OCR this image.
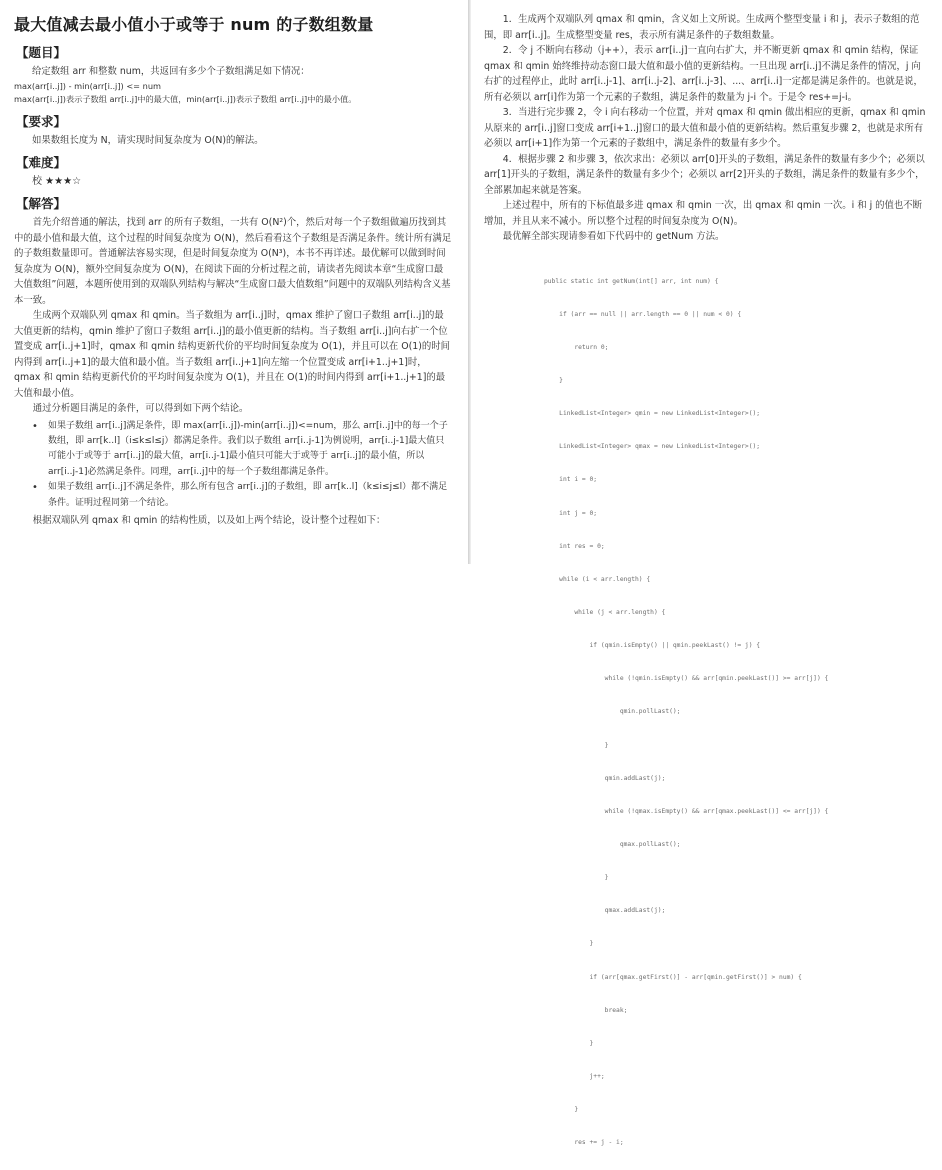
最大值减去最小值小于或等于 num 的子数组数量
【题目】

给定数组 arr 和整数 num，共返回有多少个子数组满足如下情况：

max(arr[i..j]) - min(arr[i..j]) <= num

max(arr[i..j])表示子数组 arr[i..j]中的最大值，min(arr[i..j])表示子数组 arr[i..j]中的最小值。

【要求】

如果数组长度为 N，请实现时间复杂度为 O(N)的解法。

【难度】
校 ★★★☆
【解答】

首先介绍普通的解法，找到 arr 的所有子数组，一共有 O(N²)个，然后对每一个子数组做遍历找到其中的最小值和最大值，这个过程的时间复杂度为 O(N)，然后看看这个子数组是否满足条件。统计所有满足的子数组数量即可。普通解法容易实现，但是时间复杂度为 O(N³)，本书不再详述。最优解可以做到时间复杂度为 O(N)，额外空间复杂度为 O(N)，在阅读下面的分析过程之前，请读者先阅读本章“生成窗口最大值数组”问题，本题所使用到的双端队列结构与解决“生成窗口最大值数组”问题中的双端队列结构含义基本一致。

生成两个双端队列 qmax 和 qmin。当子数组为 arr[i..j]时，qmax 维护了窗口子数组 arr[i..j]的最大值更新的结构，qmin 维护了窗口子数组 arr[i..j]的最小值更新的结构。当子数组 arr[i..j]向右扩一个位置变成 arr[i..j+1]时，qmax 和 qmin 结构更新代价的平均时间复杂度为 O(1)，并且可以在 O(1)的时间内得到 arr[i..j+1]的最大值和最小值。当子数组 arr[i..j+1]向左缩一个位置变成 arr[i+1..j+1]时，qmax 和 qmin 结构更新代价的平均时间复杂度为 O(1)，并且在 O(1)的时间内得到 arr[i+1..j+1]的最大值和最小值。

通过分析题目满足的条件，可以得到如下两个结论。

• 如果子数组 arr[i..j]满足条件，即 max(arr[i..j])-min(arr[i..j])<=num，那么 arr[i..j]中的每一个子数组，即 arr[k..l]（i≤k≤l≤j）都满足条件。我们以子数组 arr[i..j-1]为例说明，arr[i..j-1]最大值只可能小于或等于 arr[i..j]的最大值，arr[i..j-1]最小值只可能大于或等于 arr[i..j]的最小值，所以 arr[i..j-1]必然满足条件。同理，arr[i..j]中的每一个子数组都满足条件。
• 如果子数组 arr[i..j]不满足条件，那么所有包含 arr[i..j]的子数组，即 arr[k..l]（k≤i≤j≤l）都不满足条件。证明过程同第一个结论。

根据双端队列 qmax 和 qmin 的结构性质，以及如上两个结论，设计整个过程如下：

1．生成两个双端队列 qmax 和 qmin，含义如上文所说。生成两个整型变量 i 和 j，表示子数组的范围，即 arr[i..j]。生成整型变量 res，表示所有满足条件的子数组数量。

2．令 j 不断向右移动（j++），表示 arr[i..j]一直向右扩大，并不断更新 qmax 和 qmin 结构，保证 qmax 和 qmin 始终维持动态窗口最大值和最小值的更新结构。一旦出现 arr[i..j]不满足条件的情况，j 向右扩的过程停止，此时 arr[i..j-1]、arr[i..j-2]、arr[i..j-3]、...、arr[i..i]一定都是满足条件的。也就是说，所有必须以 arr[i]作为第一个元素的子数组，满足条件的数量为 j-i 个。于是令 res+=j-i。

3．当进行完步骤 2，令 i 向右移动一个位置，并对 qmax 和 qmin 做出相应的更新，qmax 和 qmin 从原来的 arr[i..j]窗口变成 arr[i+1..j]窗口的最大值和最小值的更新结构。然后重复步骤 2，也就是求所有必须以 arr[i+1]作为第一个元素的子数组中，满足条件的数量有多少个。

4．根据步骤 2 和步骤 3，依次求出：必须以 arr[0]开头的子数组，满足条件的数量有多少个；必须以 arr[1]开头的子数组，满足条件的数量有多少个；必须以 arr[2]开头的子数组，满足条件的数量有多少个，全部累加起来就是答案。

上述过程中，所有的下标值最多进 qmax 和 qmin 一次，出 qmax 和 qmin 一次。i 和 j 的值也不断增加，并且从来不减小。所以整个过程的时间复杂度为 O(N)。

最优解全部实现请参看如下代码中的 getNum 方法。

public static int getNum(int[] arr, int num) {

if (arr == null || arr.length == 0 || num < 0) {

return 0;

}

LinkedList<Integer> qmin = new LinkedList<Integer>();

LinkedList<Integer> qmax = new LinkedList<Integer>();

int i = 0;

int j = 0;

int res = 0;

while (i < arr.length) {

while (j < arr.length) {

if (qmin.isEmpty() || qmin.peekLast() != j) {

while (!qmin.isEmpty() && arr[qmin.peekLast()] >= arr[j]) {

qmin.pollLast();

}

qmin.addLast(j);

while (!qmax.isEmpty() && arr[qmax.peekLast()] <= arr[j]) {

qmax.pollLast();

}

qmax.addLast(j);

}

if (arr[qmax.getFirst()] - arr[qmin.getFirst()] > num) {

break;

}

j++;

}

res += j - i;
